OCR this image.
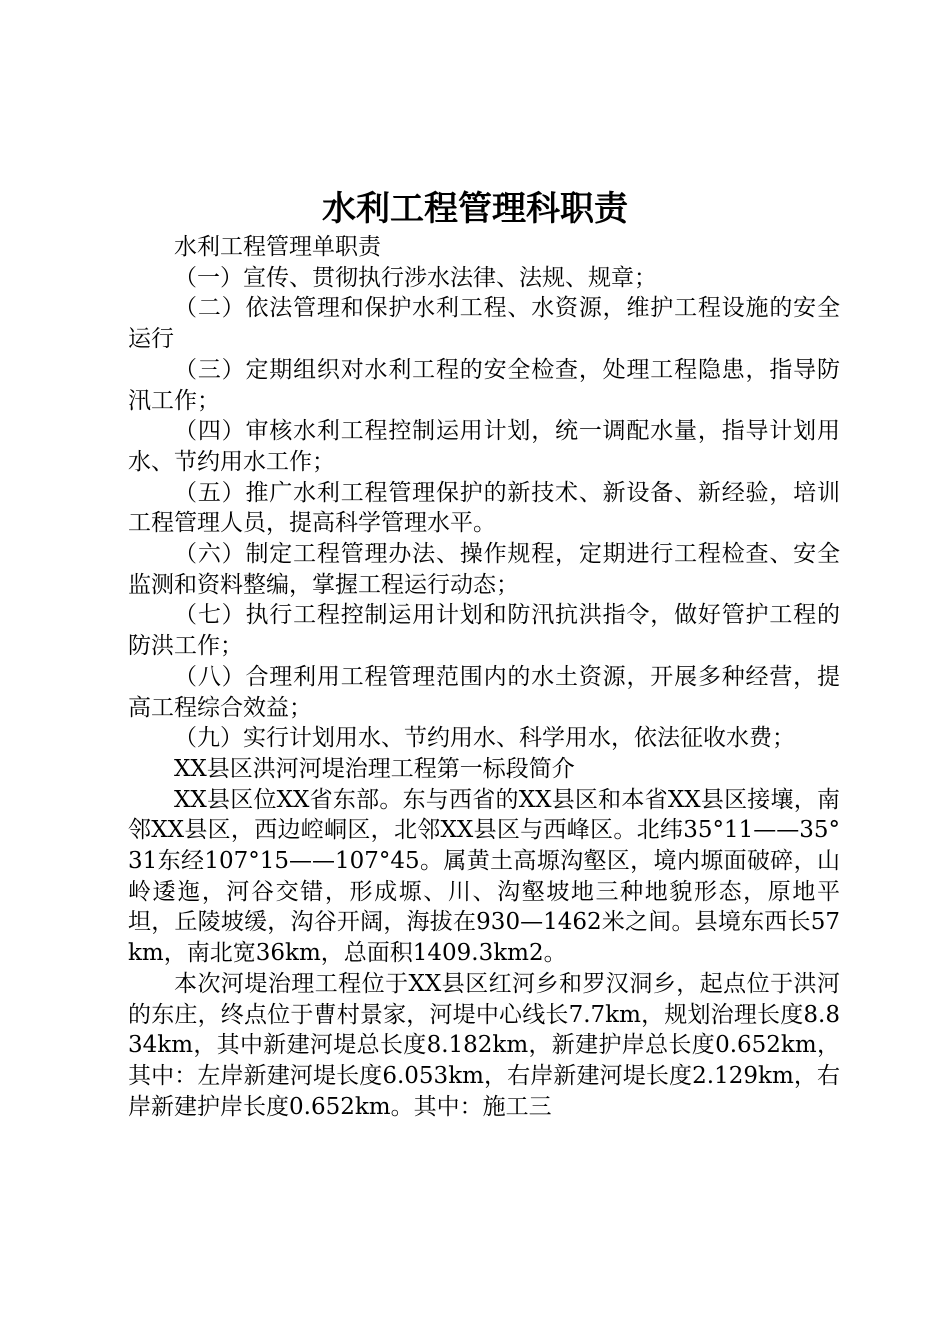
水利工程管理科职责

水利工程管理单职责

（一）宣传、贯彻执行涉水法律、法规、规章；

（二）依法管理和保护水利工程、水资源，维护工程设施的安全运行

（三）定期组织对水利工程的安全检查，处理工程隐患，指导防汛工作；

（四）审核水利工程控制运用计划，统一调配水量，指导计划用水、节约用水工作；

（五）推广水利工程管理保护的新技术、新设备、新经验，培训工程管理人员，提高科学管理水平。

（六）制定工程管理办法、操作规程，定期进行工程检查、安全监测和资料整编，掌握工程运行动态；

（七）执行工程控制运用计划和防汛抗洪指令，做好管护工程的防洪工作；

（八）合理利用工程管理范围内的水土资源，开展多种经营，提高工程综合效益；

（九）实行计划用水、节约用水、科学用水，依法征收水费；

XX县区洪河河堤治理工程第一标段简介

XX县区位XX省东部。东与西省的XX县区和本省XX县区接壤，南邻XX县区，西边崆峒区，北邻XX县区与西峰区。北纬35°11——35°31东经107°15——107°45。属黄土高塬沟壑区，境内塬面破碎，山岭逶迤，河谷交错，形成塬、川、沟壑坡地三种地貌形态，原地平坦，丘陵坡缓，沟谷开阔，海拔在930—1462米之间。县境东西长57km，南北宽36km，总面积1409.3km2。

本次河堤治理工程位于XX县区红河乡和罗汉洞乡，起点位于洪河的东庄，终点位于曹村景家，河堤中心线长7.7km，规划治理长度8.834km，其中新建河堤总长度8.182km，新建护岸总长度0.652km，其中：左岸新建河堤长度6.053km，右岸新建河堤长度2.129km，右岸新建护岸长度0.652km。其中：施工三
